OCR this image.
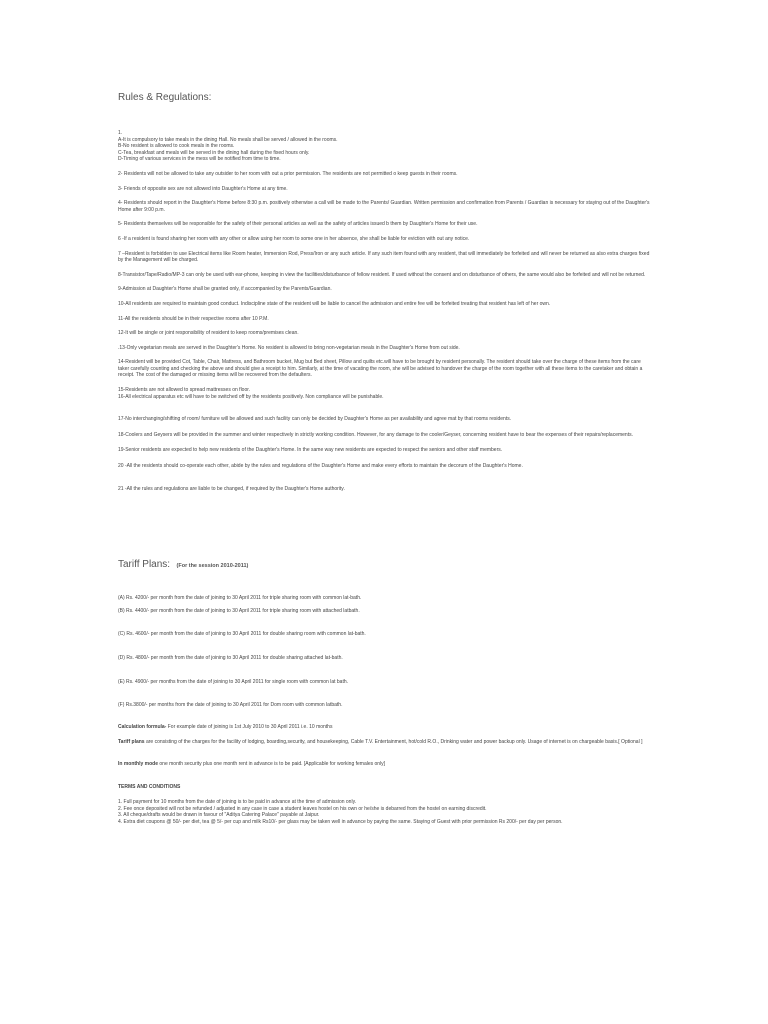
Rules & Regulations:

1.

A-It is compulsory to take meals in the dining Hall. No meals shall be served / allowed in the rooms.

B-No resident is allowed to cook meals in the rooms.

C-Tea, breakfast and meals will be served in the dining hall during the fixed hours only.

D-Timing of various services in the mess will be notified from time to time.

2- Residents will not be allowed to take any outsider to her room with out a prior permission. The residents are not permitted o keep guests in their rooms.

3- Friends of opposite sex are not allowed into Daughter's Home at any time.

4- Residents should report in the Daughter's Home before 8:30 p.m. positively otherwise a call will be made to the Parents/ Guardian. Written permission and confirmation from Parents / Guardian is necessary for staying out of the Daughter's Home after 9:00 p.m.

5- Residents themselves will be responsible for the safety of their personal articles as well as the safety of articles issued b them by Daughter's Home for their use.

6 -If a resident is found sharing her room with any other or allow using her room to some one in her absence, she shall be liable for eviction with out any notice.

7 –Resident is forbidden to use Electrical items like Room heater, Immersion Rod, Press/Iron or any such article. If any such item found with any resident, that will immediately be forfeited and will never be returned as also extra charges fixed by the Management will be charged.

8-Transistor/Tape/Radio/MP-3 can only be used with ear-phone, keeping in view the facilities/disturbance of fellow resident. If used without the consent and on disturbance of others, the same would also be forfeited and will not be returned.

9-Admission at Daughter's Home shall be granted only, if accompanied by the Parents/Guardian.

10-All residents are required to maintain good conduct. Indiscipline state of the resident will be liable to cancel the admission and entire fee will be forfeited treating that resident has left of her own.

11-All the residents should be in their respective rooms after 10 P.M.

12-It will be single or joint responsibility of resident to keep rooms/premises clean.

.13-Only vegetarian meals are served in the Daughter's Home. No resident is allowed to bring non-vegetarian meals in the Daughter's Home from out side.

14-Resident will be provided Cot, Table, Chair, Mattress, and Bathroom bucket, Mug but Bed sheet, Pillow and quilts etc.will have to be brought by resident personally. The resident should take over the charge of these items from the care taker carefully counting and checking the above and should give a receipt to him. Similarly, at the time of vacating the room, she will be advised to handover the charge of the room together with all these items to the caretaker and obtain a receipt. The cost of the damaged or missing items will be recovered from the defaulters.

15-Residents are not allowed to spread mattresses on floor.

16-All electrical apparatus etc will have to be switched off by the residents positively. Non compliance will be punishable.

17-No interchanging/shifting of room/ furniture will be allowed and such facility can only be decided by Daughter's Home as per availability and agree mat by that rooms residents.

18-Coolers and Geysers will be provided in the summer and winter respectively in strictly working condition. However, for any damage to the cooler/Geyser, concerning resident have to bear the expenses of their repairs/replacements.

19-Senior residents are expected to help new residents of the Daughter's Home. In the same way new residents are expected to respect the seniors and other staff members.

20 -All the residents should co-operate each other, abide by the rules and regulations of the Daughter's Home and make every efforts to maintain the decorum of the Daughter's Home.

21 -All the rules and regulations are liable to be changed, if required by the Daughter's Home authority.

Tariff Plans: (For the session 2010-2011)

(A) Rs. 4200/- per month from the date of joining to 30 April 2011 for triple sharing room with common lat-bath.

(B) Rs. 4400/- per month from the date of joining to 30 April 2011 for triple sharing room with attached latbath.

(C) Rs. 4600/- per month from the date of joining to 30 April 2011 for double sharing room with common lat-bath.

(D) Rs. 4800/- per month from the date of joining to 30 April 2011 for double sharing attached lat-bath.

(E) Rs. 4900/- per months from the date of joining to 30 April 2011 for single room with common lat bath.

(F) Rs.3800/- per months from the date of joining to 30 April 2011 for Dom room with common latbath.

Calculation formula- For example date of joining is 1st July 2010 to 30 April 2011 i.e. 10 months

Tariff plans are consisting of the charges for the facility of lodging, boarding,security, and housekeeping, Cable T.V. Entertainment, hot/cold R.O., Drinking water and power backup only. Usage of internet is on chargeable basis.[ Optional ]

In monthly mode one month security plus one month rent in advance is to be paid. [Applicable for working females only]

TERMS AND CONDITIONS

1. Full payment for 10 months from the date of joining is to be paid in advance at the time of admission only.

2. Fee once deposited will not be refunded / adjusted in any case in case a student leaves hostel on his own or he/she is debarred from the hostel on earning discredit.

3. All cheque/drafts would be drawn in favour of "Aditya Catering Palace" payable at Jaipur.

4. Extra diet coupons @ 50/- per diet, tea @ 5/- per cup and milk Rs10/- per glass may be taken well in advance by paying the same. Staying of Guest with prior permission Rs 200/- per day per person.
